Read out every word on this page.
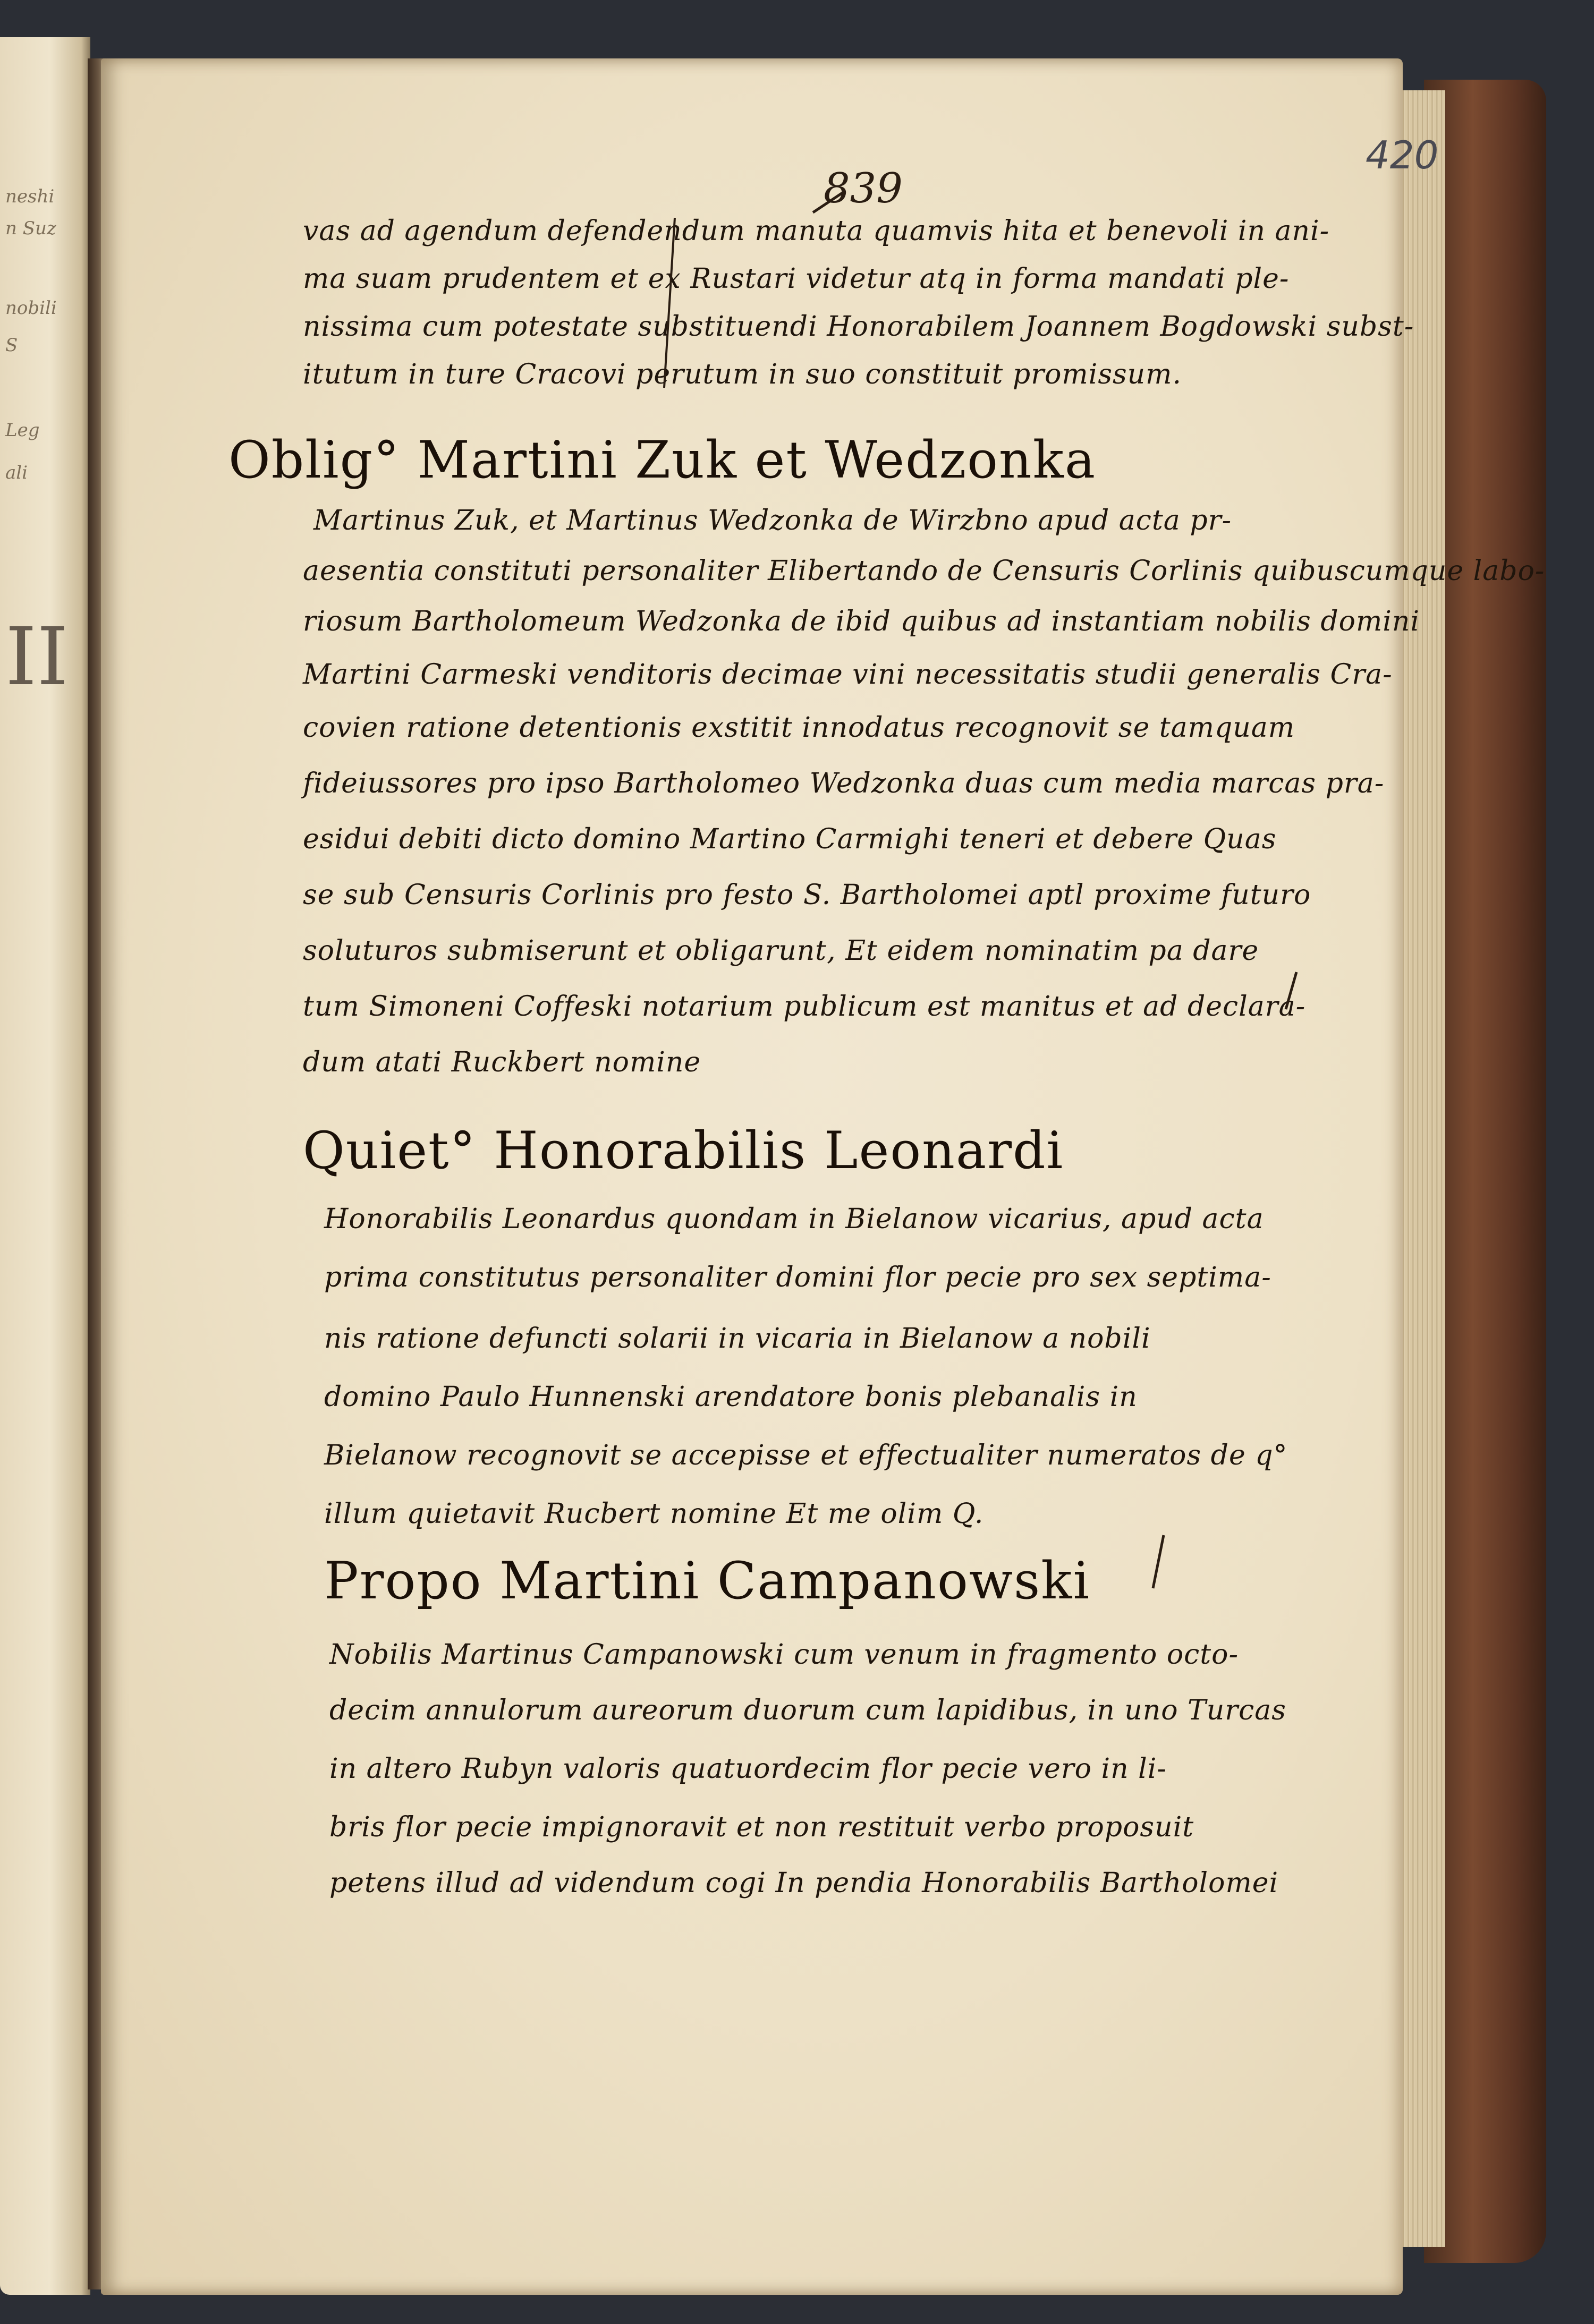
neshi
n Suz
nobili
S
Leg
ali
II
420
839
vas ad agendum defendendum manuta quamvis hita et benevoli in ani-
ma suam prudentem et ex Rustari videtur atq in forma mandati ple-
nissima cum potestate substituendi Honorabilem Joannem Bogdowski subst-
itutum in ture Cracovi perutum in suo constituit promissum.
Oblig° Martini Zuk et Wedzonka
Martinus Zuk, et Martinus Wedzonka de Wirzbno apud acta pr-
aesentia constituti personaliter Elibertando de Censuris Corlinis quibuscumque labo-
riosum Bartholomeum Wedzonka de ibid quibus ad instantiam nobilis domini
Martini Carmeski venditoris decimae vini necessitatis studii generalis Cra-
covien ratione detentionis exstitit innodatus recognovit se tamquam
fideiussores pro ipso Bartholomeo Wedzonka duas cum media marcas pra-
esidui debiti dicto domino Martino Carmighi teneri et debere Quas
se sub Censuris Corlinis pro festo S. Bartholomei aptl proxime futuro
soluturos submiserunt et obligarunt, Et eidem nominatim pa dare
tum Simoneni Coffeski notarium publicum est manitus et ad declara-
dum atati Ruckbert nomine
Quiet° Honorabilis Leonardi
Honorabilis Leonardus quondam in Bielanow vicarius, apud acta
prima constitutus personaliter domini flor pecie pro sex septima-
nis ratione defuncti solarii in vicaria in Bielanow a nobili
domino Paulo Hunnenski arendatore bonis plebanalis in
Bielanow recognovit se accepisse et effectualiter numeratos de q°
illum quietavit Rucbert nomine Et me olim Q.
Propo Martini Campanowski
Nobilis Martinus Campanowski cum venum in fragmento octo-
decim annulorum aureorum duorum cum lapidibus, in uno Turcas
in altero Rubyn valoris quatuordecim flor pecie vero in li-
bris flor pecie impignoravit et non restituit verbo proposuit
petens illud ad videndum cogi In pendia Honorabilis Bartholomei
